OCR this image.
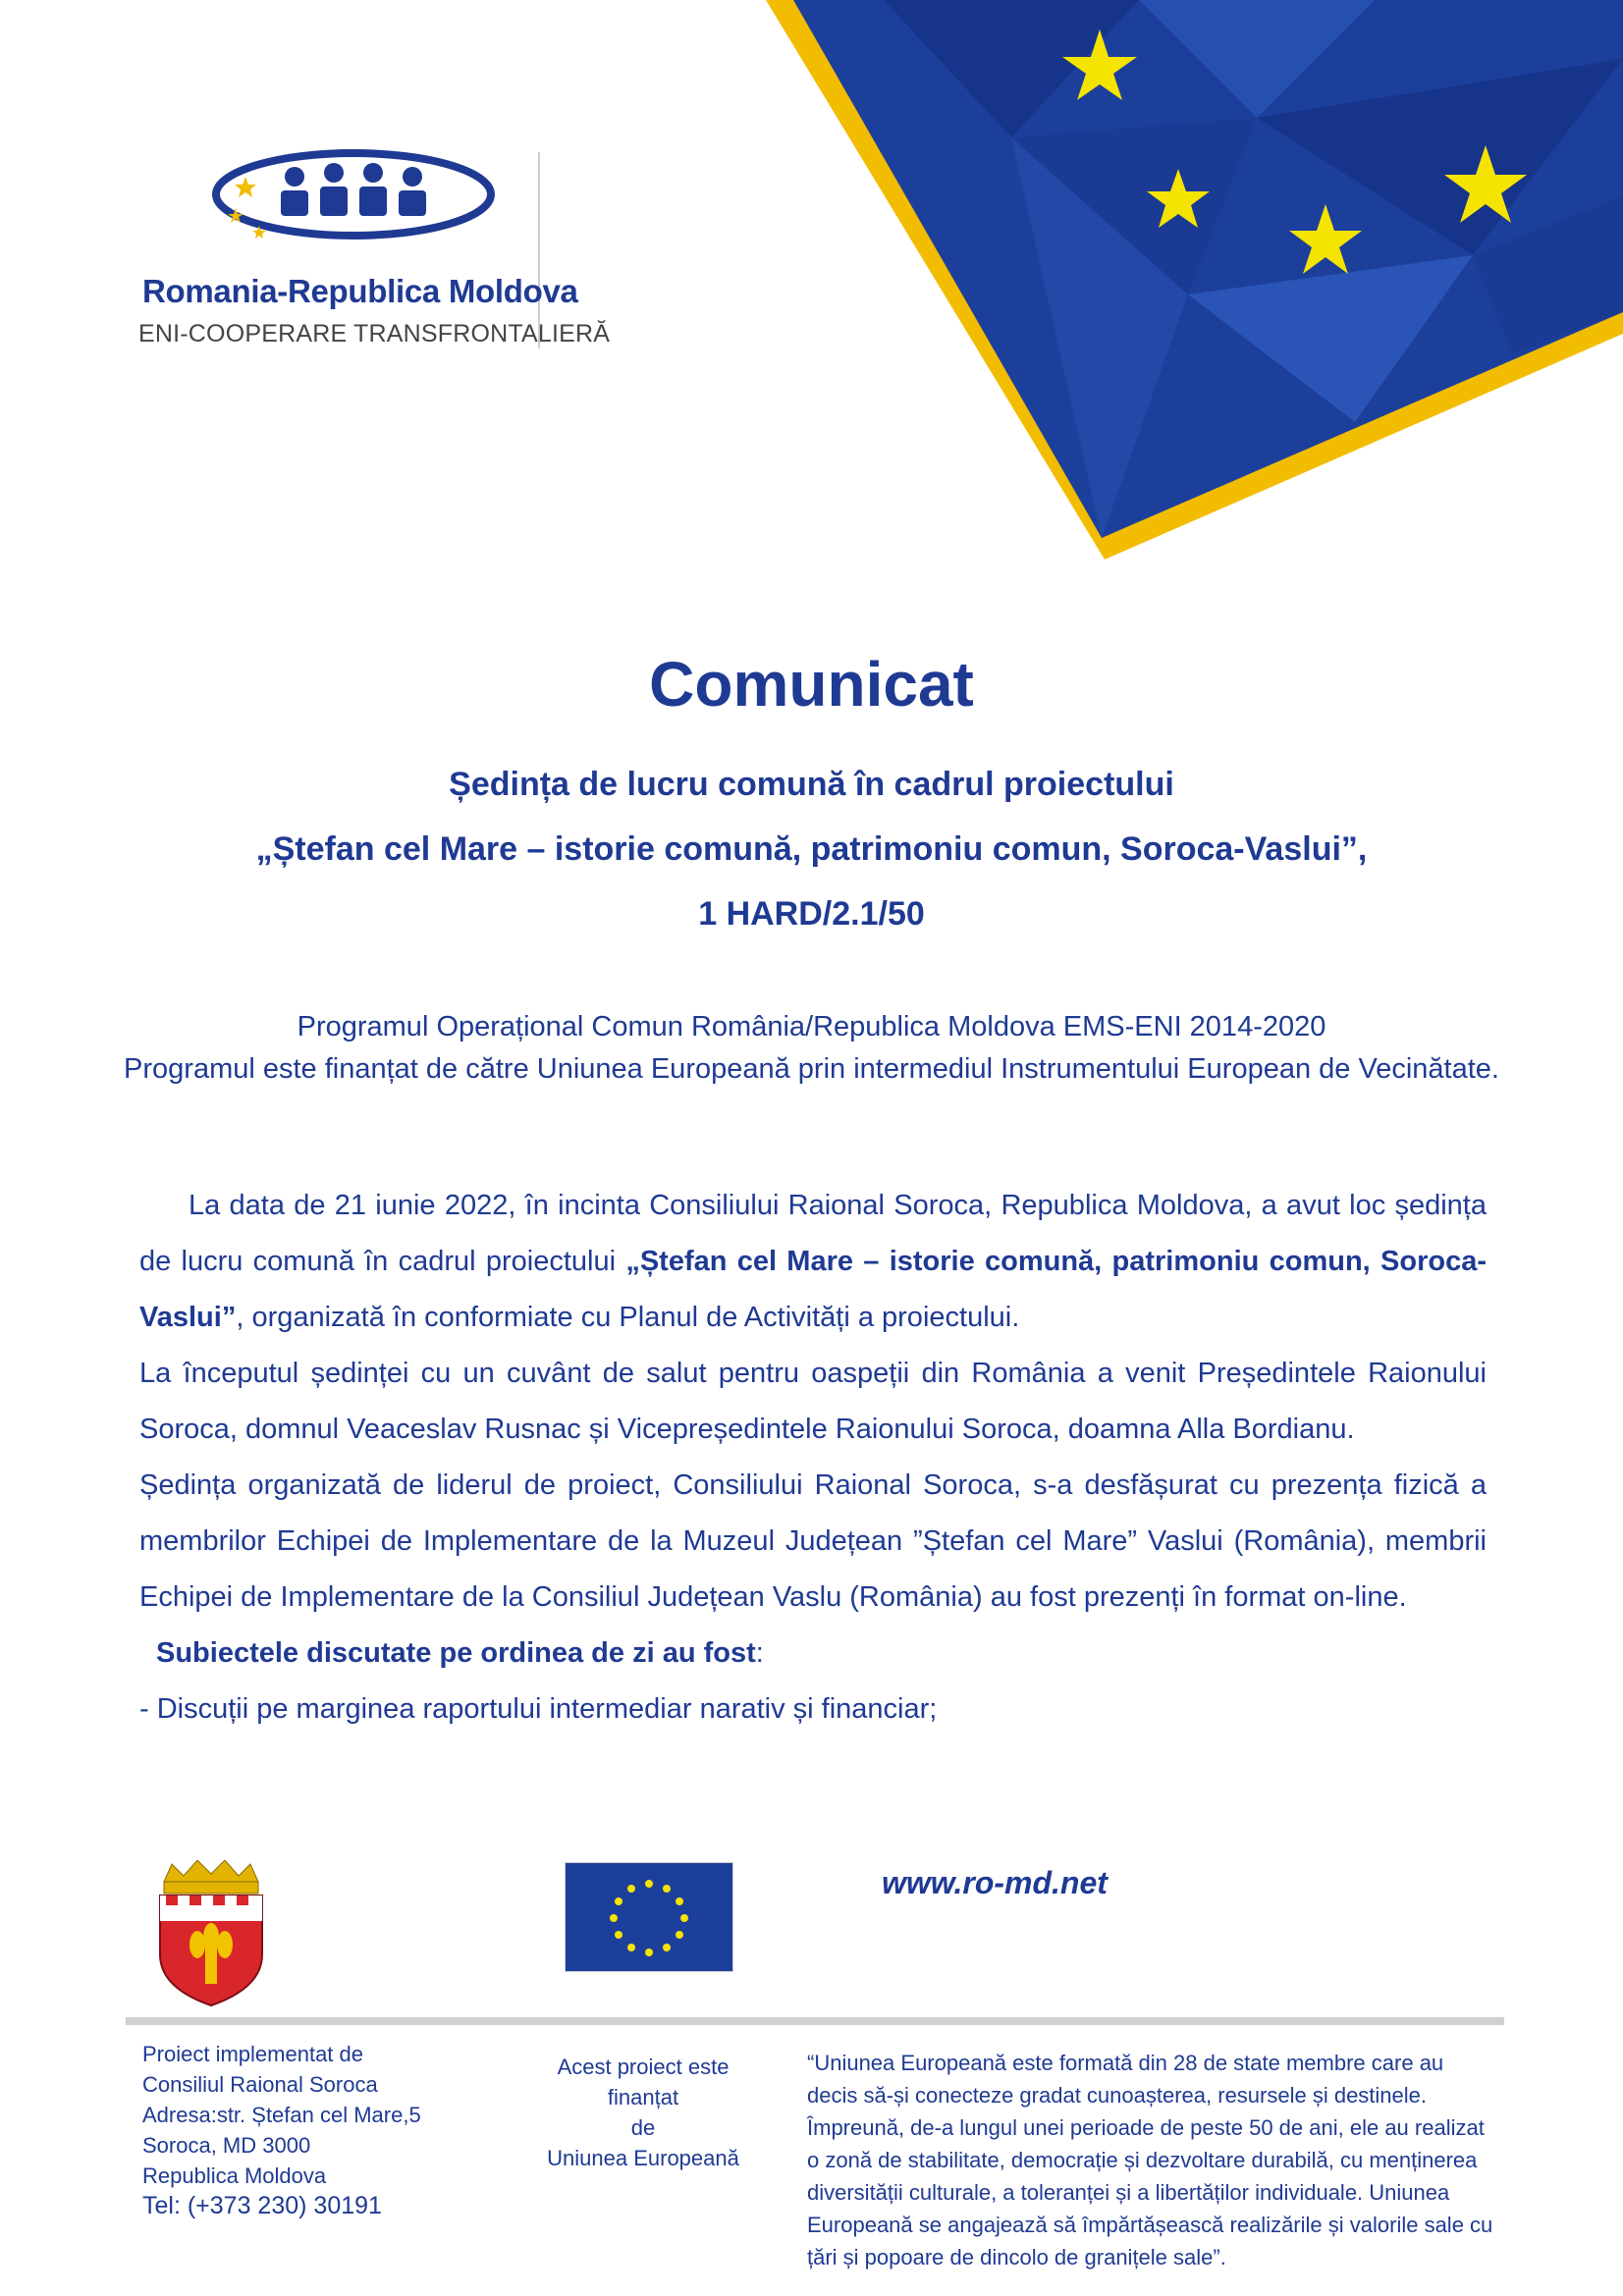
Romania-Republica Moldova
ENI-COOPERARE TRANSFRONTALIERĂ
Comunicat
Ședința de lucru comună în cadrul proiectului
„Ștefan cel Mare – istorie comună, patrimoniu comun, Soroca-Vaslui”,
1 HARD/2.1/50
Programul Operațional Comun România/Republica Moldova EMS-ENI 2014-2020
Programul este finanțat de către Uniunea Europeană prin intermediul Instrumentului European de Vecinătate.

La data de 21 iunie 2022, în incinta Consiliului Raional Soroca, Republica Moldova, a avut loc ședința de lucru comună în cadrul proiectului „Ștefan cel Mare – istorie comună, patrimoniu comun, Soroca-Vaslui”, organizată în conformiate cu Planul de Activități a proiectului.

La începutul ședinței cu un cuvânt de salut pentru oaspeții din România a venit Președintele Raionului Soroca, domnul Veaceslav Rusnac și Vicepreședintele Raionului Soroca, doamna Alla Bordianu.

Ședința organizată de liderul de proiect, Consiliului Raional Soroca, s-a desfășurat cu prezența fizică a membrilor Echipei de Implementare de la Muzeul Județean ”Ștefan cel Mare” Vaslui (România), membrii Echipei de Implementare de la Consiliul Județean Vaslu (România) au fost prezenți în format on-line.

Subiectele discutate pe ordinea de zi au fost:

- Discuții pe marginea raportului intermediar narativ și financiar;

www.ro-md.net
Proiect implementat de
Consiliul Raional Soroca
Adresa:str. Ștefan cel Mare,5
Soroca, MD 3000
Republica Moldova
Tel: (+373 230) 30191
Acest proiect este finanțat
de
Uniunea Europeană
“Uniunea Europeană este formată din 28 de state membre care au decis să-și conecteze gradat cunoașterea, resursele și destinele. Împreună, de-a lungul unei perioade de peste 50 de ani, ele au realizat o zonă de stabilitate, democrație și dezvoltare durabilă, cu menținerea diversității culturale, a toleranței și a libertăților individuale. Uniunea Europeană se angajează să împărtășească realizările și valorile sale cu țări și popoare de dincolo de granițele sale”.
